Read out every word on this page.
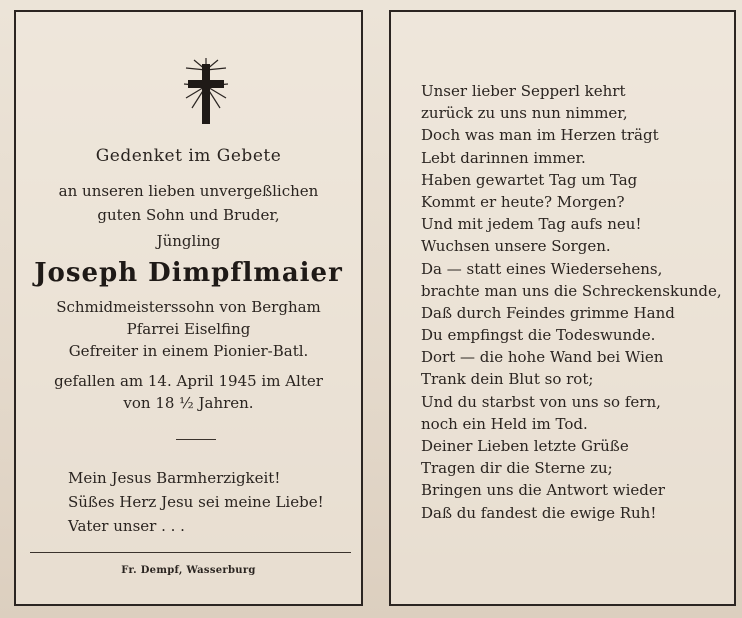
Gedenket im Gebete
an unseren lieben unvergeßlichen
guten Sohn und Bruder,
Jüngling
Joseph Dimpflmaier
Schmidmeisterssohn von Bergham
Pfarrei Eiselfing
Gefreiter in einem Pionier-Batl.
gefallen am 14. April 1945 im Alter
von 18 ½ Jahren.
Mein Jesus Barmherzigkeit!
Süßes Herz Jesu sei meine Liebe!
Vater unser . . .
Fr. Dempf, Wasserburg
Unser lieber Sepperl kehrt
zurück zu uns nun nimmer,
Doch was man im Herzen trägt
Lebt darinnen immer.
Haben gewartet Tag um Tag
Kommt er heute? Morgen?
Und mit jedem Tag aufs neu!
Wuchsen unsere Sorgen.
Da — statt eines Wiedersehens,
brachte man uns die Schreckenskunde,
Daß durch Feindes grimme Hand
Du empfingst die Todeswunde.
Dort — die hohe Wand bei Wien
Trank dein Blut so rot;
Und du starbst von uns so fern,
noch ein Held im Tod.
Deiner Lieben letzte Grüße
Tragen dir die Sterne zu;
Bringen uns die Antwort wieder
Daß du fandest die ewige Ruh!
